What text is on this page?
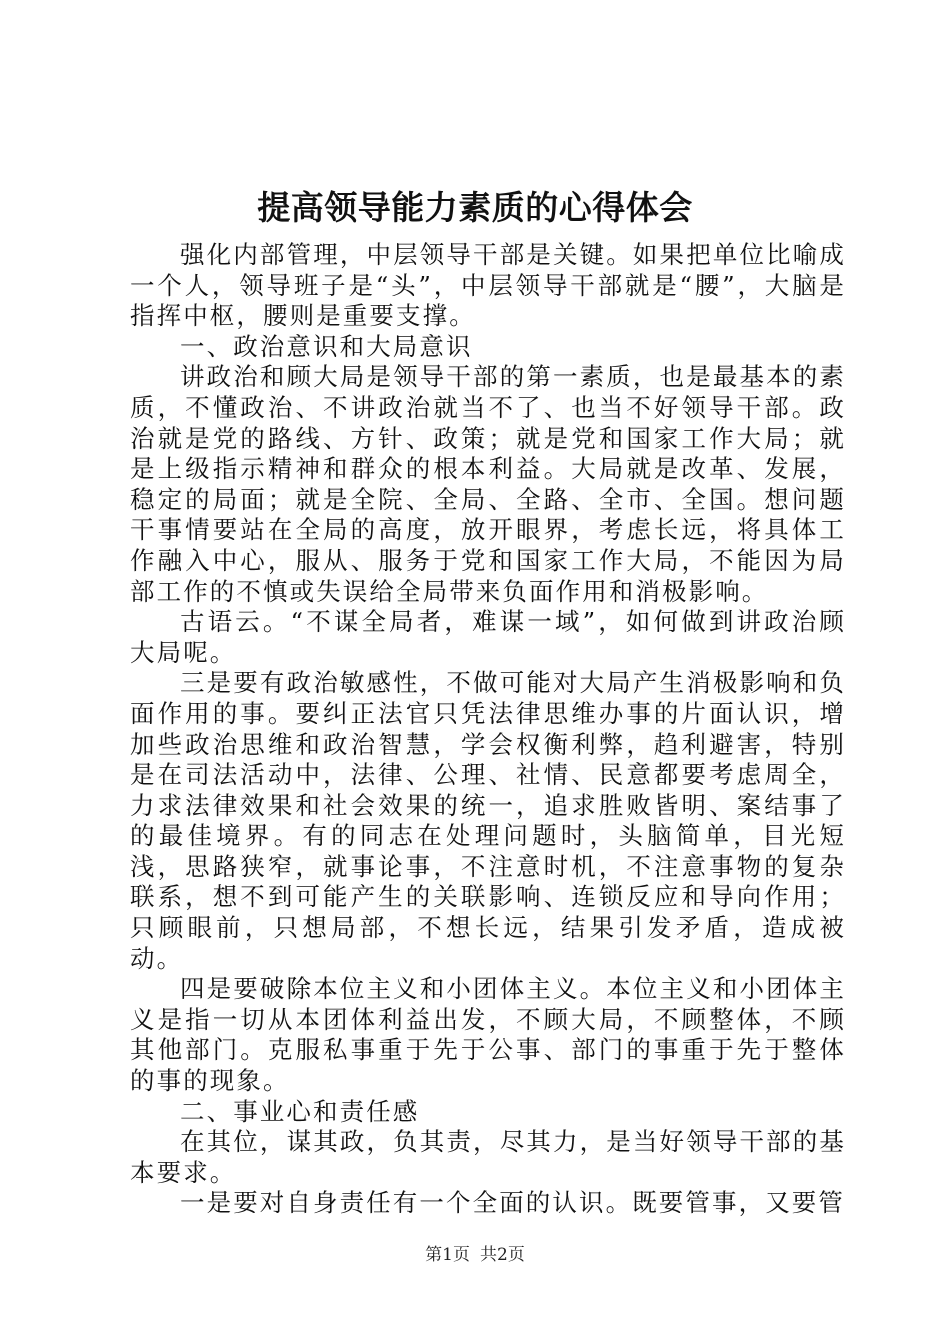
提高领导能力素质的心得体会

强化内部管理，中层领导干部是关键。如果把单位比喻成一个人，领导班子是“头”，中层领导干部就是“腰”，大脑是指挥中枢，腰则是重要支撑。

一、政治意识和大局意识

讲政治和顾大局是领导干部的第一素质，也是最基本的素质，不懂政治、不讲政治就当不了、也当不好领导干部。政治就是党的路线、方针、政策；就是党和国家工作大局；就是上级指示精神和群众的根本利益。大局就是改革、发展，稳定的局面；就是全院、全局、全路、全市、全国。想问题干事情要站在全局的高度，放开眼界，考虑长远，将具体工作融入中心，服从、服务于党和国家工作大局，不能因为局部工作的不慎或失误给全局带来负面作用和消极影响。

古语云。“不谋全局者，难谋一域”，如何做到讲政治顾大局呢。

三是要有政治敏感性，不做可能对大局产生消极影响和负面作用的事。要纠正法官只凭法律思维办事的片面认识，增加些政治思维和政治智慧，学会权衡利弊，趋利避害，特别是在司法活动中，法律、公理、社情、民意都要考虑周全，力求法律效果和社会效果的统一，追求胜败皆明、案结事了的最佳境界。有的同志在处理问题时，头脑简单，目光短浅，思路狭窄，就事论事，不注意时机，不注意事物的复杂联系，想不到可能产生的关联影响、连锁反应和导向作用；只顾眼前，只想局部，不想长远，结果引发矛盾，造成被动。

四是要破除本位主义和小团体主义。本位主义和小团体主义是指一切从本团体利益出发，不顾大局，不顾整体，不顾其他部门。克服私事重于先于公事、部门的事重于先于整体的事的现象。

二、事业心和责任感

在其位，谋其政，负其责，尽其力，是当好领导干部的基本要求。

一是要对自身责任有一个全面的认识。既要管事，又要管

第1页 共2页
